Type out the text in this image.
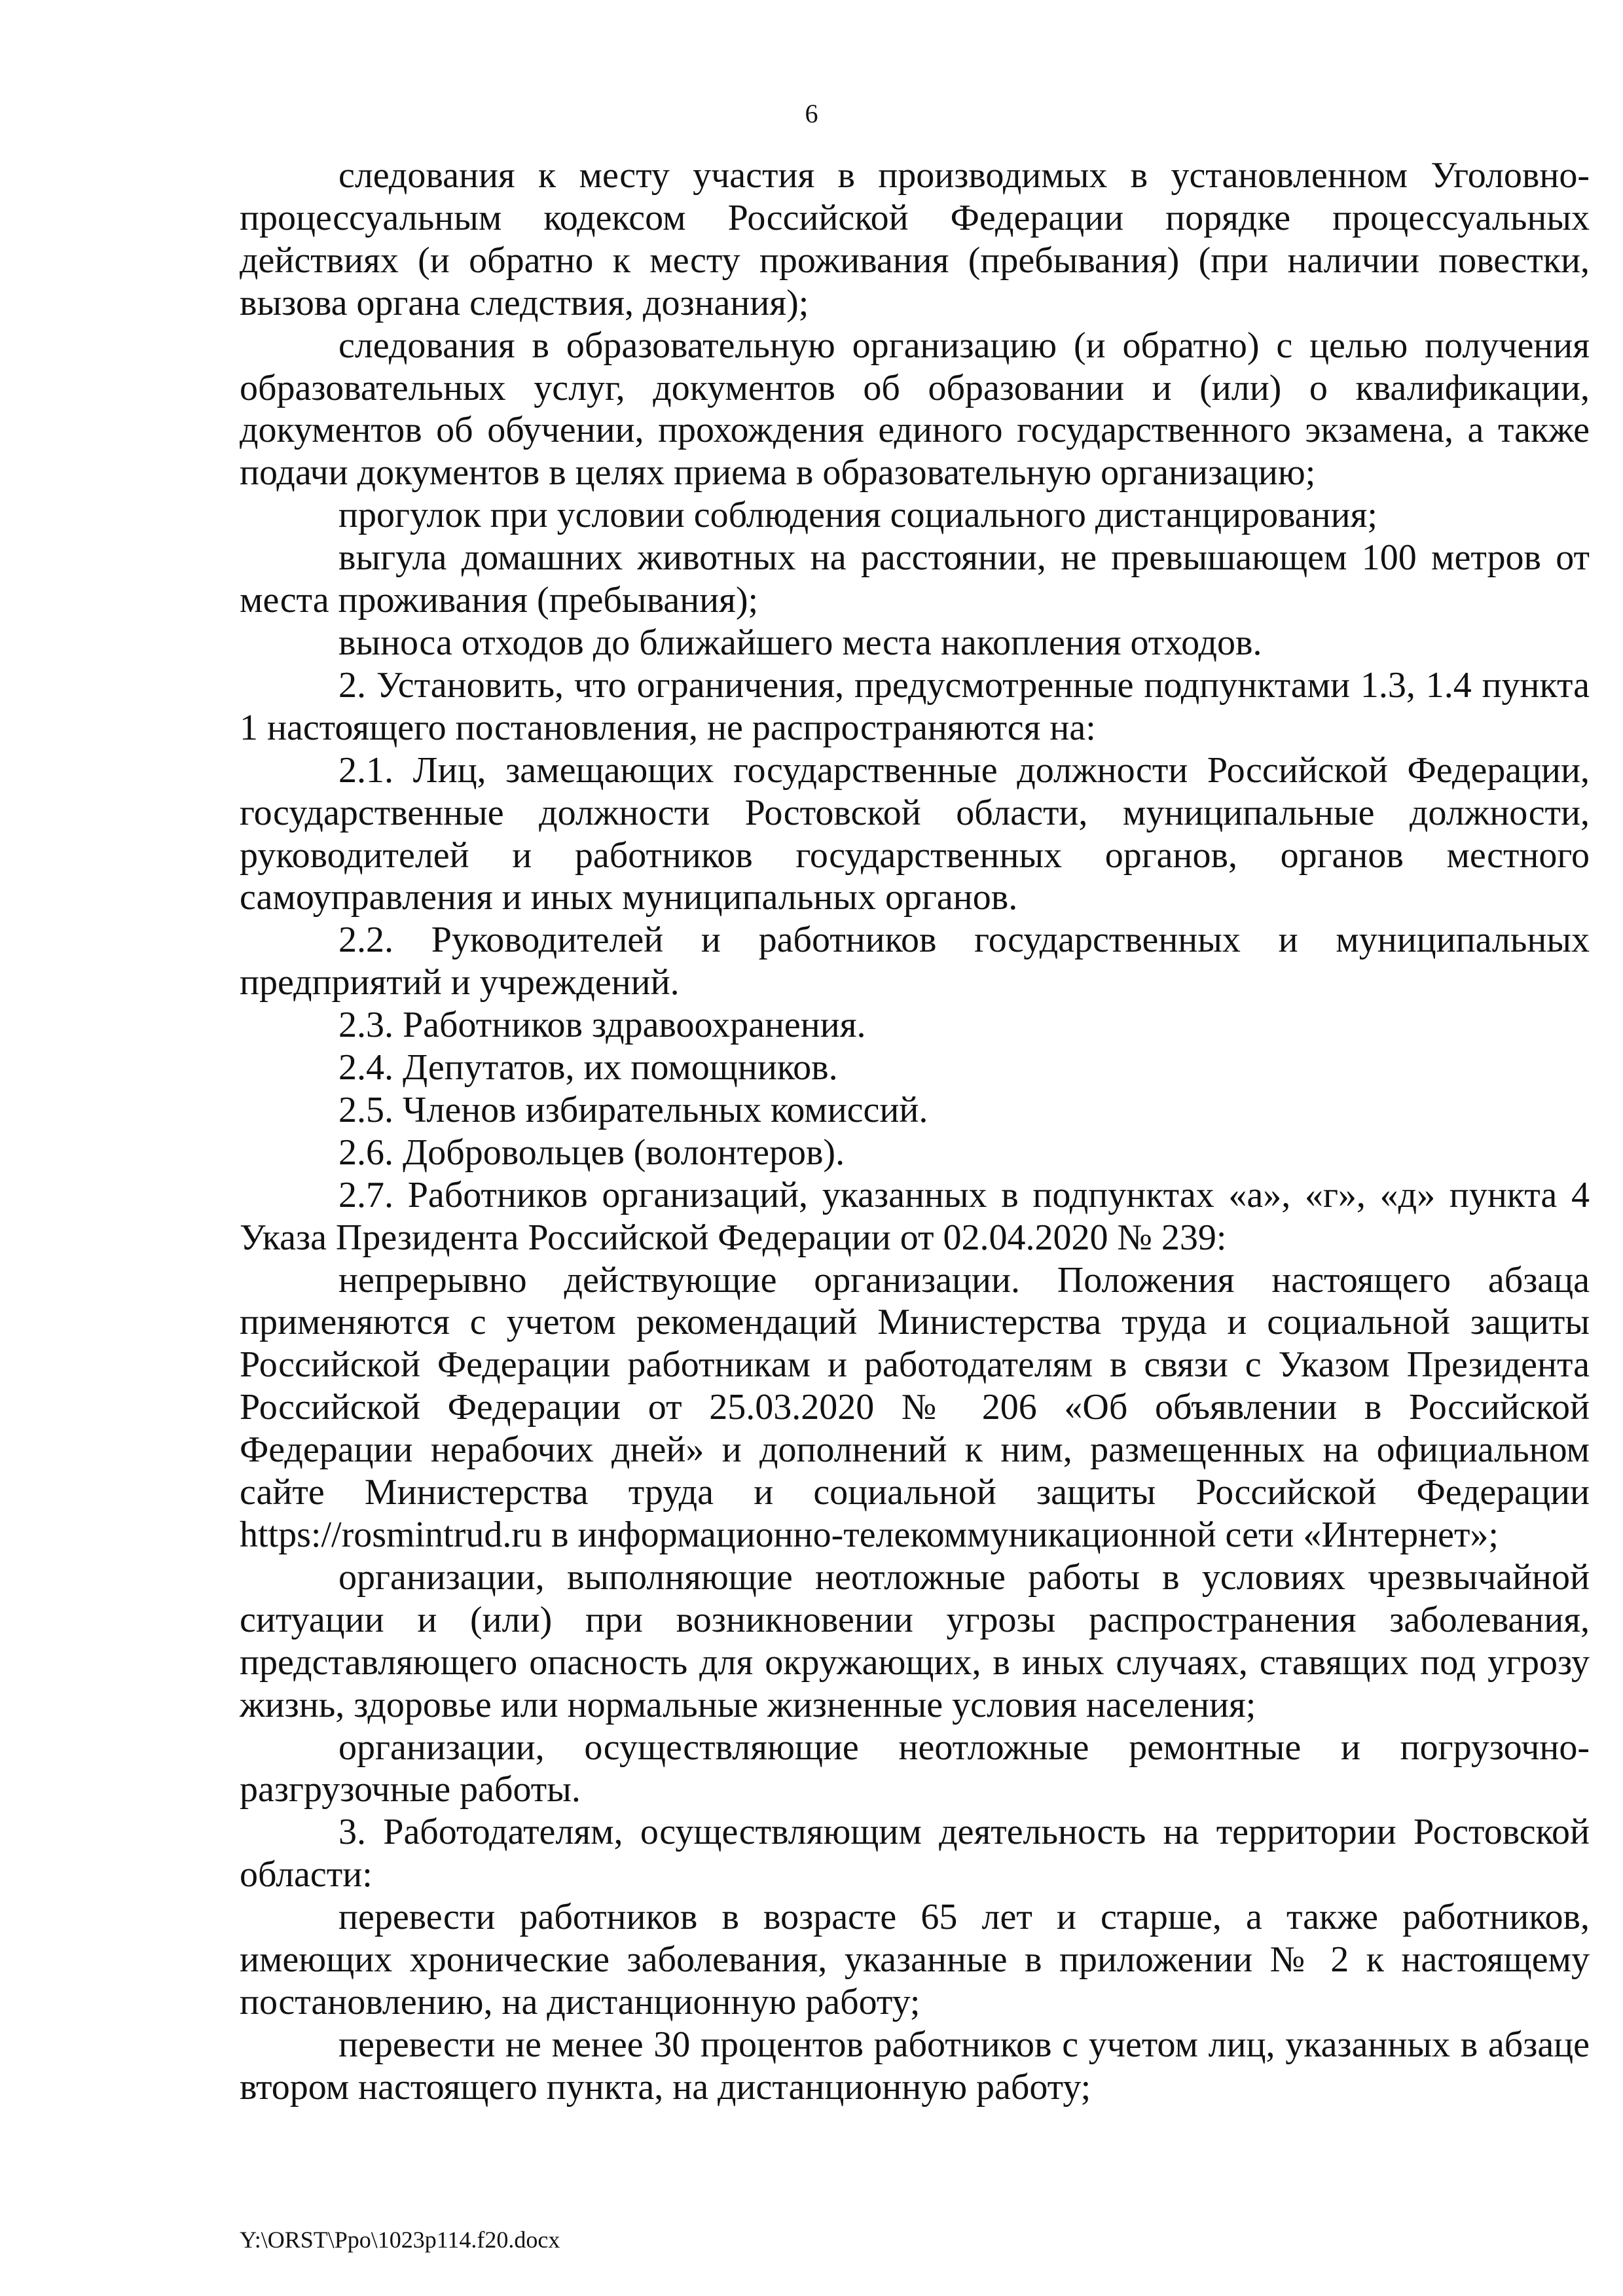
6

следования к месту участия в производимых в установленном Уголовно-процессуальным кодексом Российской Федерации порядке процессуальных действиях (и обратно к месту проживания (пребывания) (при наличии повестки, вызова органа следствия, дознания);

следования в образовательную организацию (и обратно) с целью получения образовательных услуг, документов об образовании и (или) о квалификации, документов об обучении, прохождения единого государственного экзамена, а также подачи документов в целях приема в образовательную организацию;

прогулок при условии соблюдения социального дистанцирования;

выгула домашних животных на расстоянии, не превышающем 100 метров от места проживания (пребывания);

выноса отходов до ближайшего места накопления отходов.

2. Установить, что ограничения, предусмотренные подпунктами 1.3, 1.4 пункта 1 настоящего постановления, не распространяются на:

2.1. Лиц, замещающих государственные должности Российской Федерации, государственные должности Ростовской области, муниципальные должности, руководителей и работников государственных органов, органов местного самоуправления и иных муниципальных органов.

2.2. Руководителей и работников государственных и муниципальных предприятий и учреждений.

2.3. Работников здравоохранения.

2.4. Депутатов, их помощников.

2.5. Членов избирательных комиссий.

2.6. Добровольцев (волонтеров).

2.7. Работников организаций, указанных в подпунктах «а», «г», «д» пункта 4 Указа Президента Российской Федерации от 02.04.2020 № 239:

непрерывно действующие организации. Положения настоящего абзаца применяются с учетом рекомендаций Министерства труда и социальной защиты Российской Федерации работникам и работодателям в связи с Указом Президента Российской Федерации от 25.03.2020 № 206 «Об объявлении в Российской Федерации нерабочих дней» и дополнений к ним, размещенных на официальном сайте Министерства труда и социальной защиты Российской Федерации https://rosmintrud.ru в информационно-телекоммуникационной сети «Интернет»;

организации, выполняющие неотложные работы в условиях чрезвычайной ситуации и (или) при возникновении угрозы распространения заболевания, представляющего опасность для окружающих, в иных случаях, ставящих под угрозу жизнь, здоровье или нормальные жизненные условия населения;

организации, осуществляющие неотложные ремонтные и погрузочно-разгрузочные работы.

3. Работодателям, осуществляющим деятельность на территории Ростовской области:

перевести работников в возрасте 65 лет и старше, а также работников, имеющих хронические заболевания, указанные в приложении № 2 к настоящему постановлению, на дистанционную работу;

перевести не менее 30 процентов работников с учетом лиц, указанных в абзаце втором настоящего пункта, на дистанционную работу;

Y:\ORST\Ppo\1023p114.f20.docx
